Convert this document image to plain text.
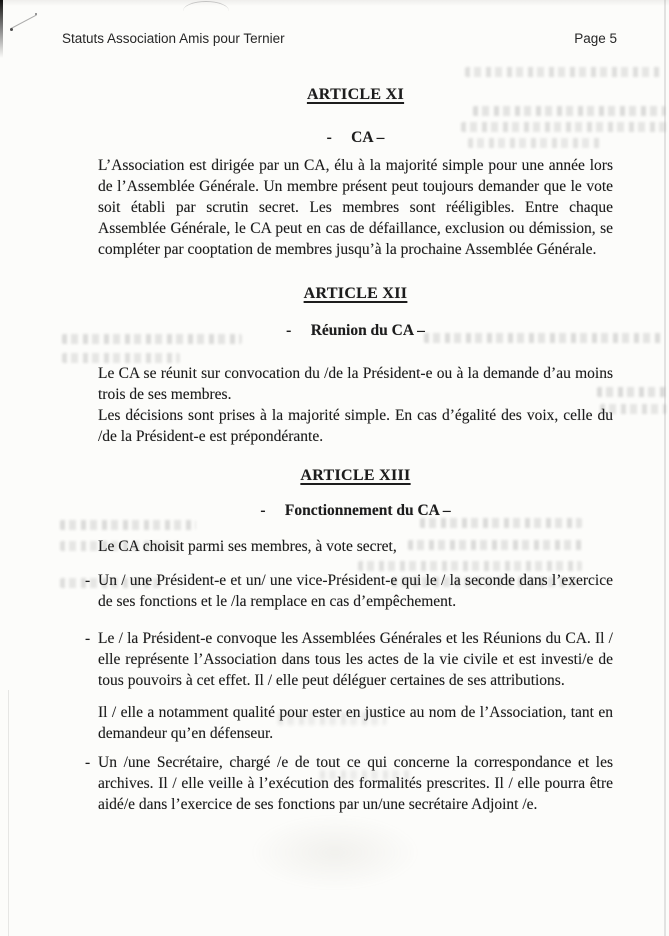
Statuts Association Amis pour Ternier	Page 5
ARTICLE XI
-     CA –

L’Association est dirigée par un CA, élu à la majorité simple pour une année lors de l’Assemblée Générale. Un membre présent peut toujours demander que le vote soit établi par scrutin secret. Les membres sont rééligibles. Entre chaque Assemblée Générale, le CA peut en cas de défaillance, exclusion ou démission, se compléter par cooptation de membres jusqu’à la prochaine Assemblée Générale.

ARTICLE XII
-     Réunion du CA –

Le CA se réunit sur convocation du /de la Président-e ou à la demande d’au moins trois de ses membres.

Les décisions sont prises à la majorité simple. En cas d’égalité des voix, celle du /de la Président-e est prépondérante.

ARTICLE XIII
-     Fonctionnement du CA –

Le CA choisit parmi ses membres, à vote secret,

- Un / une Président-e et un/ une vice-Président-e qui le / la seconde dans l’exercice de ses fonctions et le /la remplace en cas d’empêchement.
- Le / la Président-e convoque les Assemblées Générales et les Réunions du CA. Il / elle représente l’Association dans tous les actes de la vie civile et est investi/e de tous pouvoirs à cet effet. Il / elle peut déléguer certaines de ses attributions.

Il / elle a notamment qualité pour ester en justice au nom de l’Association, tant en demandeur qu’en défenseur.

- Un /une Secrétaire, chargé /e de tout ce qui concerne la correspondance et les archives. Il / elle veille à l’exécution des formalités prescrites. Il / elle pourra être aidé/e dans l’exercice de ses fonctions par un/une secrétaire Adjoint /e.
